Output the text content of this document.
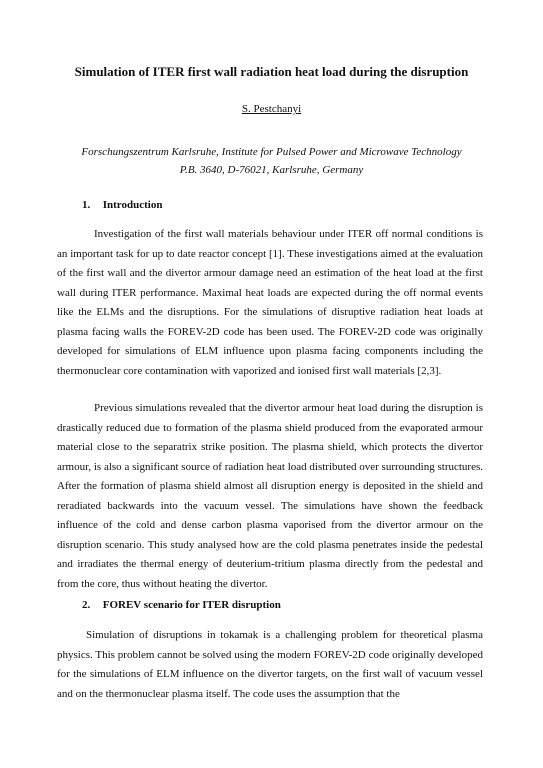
Simulation of ITER first wall radiation heat load during the disruption
S. Pestchanyi
Forschungszentrum Karlsruhe, Institute for Pulsed Power and Microwave Technology
P.B. 3640, D-76021, Karlsruhe, Germany
1. Introduction

Investigation of the first wall materials behaviour under ITER off normal conditions is an important task for up to date reactor concept [1]. These investigations aimed at the evaluation of the first wall and the divertor armour damage need an estimation of the heat load at the first wall during ITER performance. Maximal heat loads are expected during the off normal events like the ELMs and the disruptions. For the simulations of disruptive radiation heat loads at plasma facing walls the FOREV-2D code has been used. The FOREV-2D code was originally developed for simulations of ELM influence upon plasma facing components including the thermonuclear core contamination with vaporized and ionised first wall materials [2,3].

Previous simulations revealed that the divertor armour heat load during the disruption is drastically reduced due to formation of the plasma shield produced from the evaporated armour material close to the separatrix strike position. The plasma shield, which protects the divertor armour, is also a significant source of radiation heat load distributed over surrounding structures. After the formation of plasma shield almost all disruption energy is deposited in the shield and reradiated backwards into the vacuum vessel. The simulations have shown the feedback influence of the cold and dense carbon plasma vaporised from the divertor armour on the disruption scenario. This study analysed how are the cold plasma penetrates inside the pedestal and irradiates the thermal energy of deuterium-tritium plasma directly from the pedestal and from the core, thus without heating the divertor.

2. FOREV scenario for ITER disruption

Simulation of disruptions in tokamak is a challenging problem for theoretical plasma physics. This problem cannot be solved using the modern FOREV-2D code originally developed for the simulations of ELM influence on the divertor targets, on the first wall of vacuum vessel and on the thermonuclear plasma itself. The code uses the assumption that the
